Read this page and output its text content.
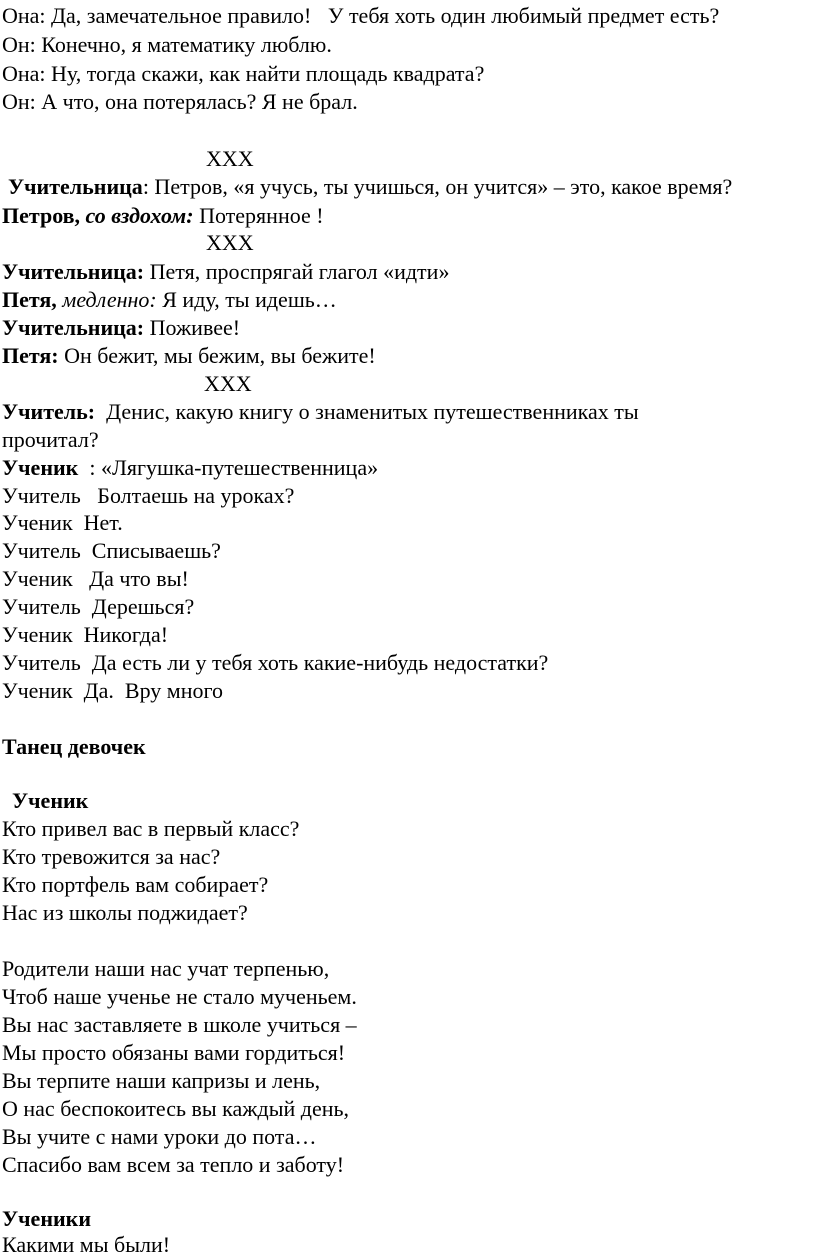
Она: Да, замечательное правило!   У тебя хоть один любимый предмет есть?
Он: Конечно, я математику люблю.
Она: Ну, тогда скажи, как найти площадь квадрата?
Он: А что, она потерялась? Я не брал.
ХХХ
Учительница: Петров, «я учусь, ты учишься, он учится» – это, какое время?
Петров, со вздохом: Потерянное !
ХХХ
Учительница: Петя, проспрягай глагол «идти»
Петя, медленно: Я иду, ты идешь…
Учительница: Поживее!
Петя: Он бежит, мы бежим, вы бежите!
ХХХ
Учитель:  Денис, какую книгу о знаменитых путешественниках ты
прочитал?
Ученик  : «Лягушка-путешественница»
Учитель   Болтаешь на уроках?
Ученик  Нет.
Учитель  Списываешь?
Ученик   Да что вы!
Учитель  Дерешься?
Ученик  Никогда!
Учитель  Да есть ли у тебя хоть какие-нибудь недостатки?
Ученик  Да.  Вру много
Танец девочек
Ученик
Кто привел вас в первый класс?
Кто тревожится за нас?
Кто портфель вам собирает?
Нас из школы поджидает?
Родители наши нас учат терпенью,
Чтоб наше ученье не стало мученьем.
Вы нас заставляете в школе учиться –
Мы просто обязаны вами гордиться!
Вы терпите наши капризы и лень,
О нас беспокоитесь вы каждый день,
Вы учите с нами уроки до пота…
Спасибо вам всем за тепло и заботу!
Ученики
Какими мы были!
